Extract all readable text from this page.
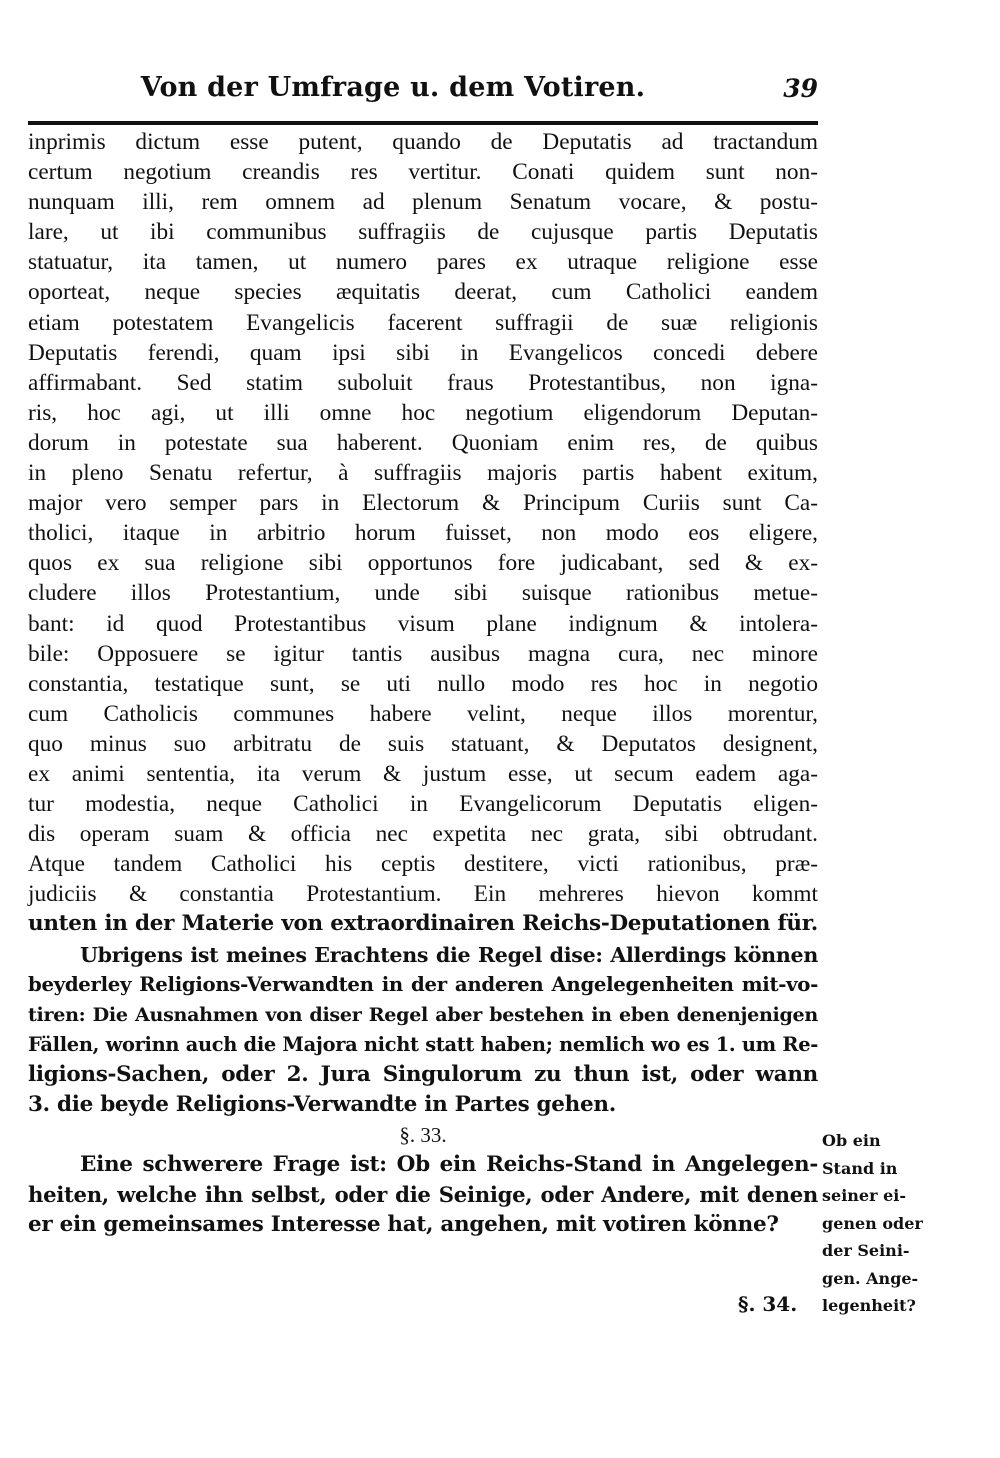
Von der Umfrage u. dem Votiren.	39
inprimis dictum esse putent, quando de Deputatis ad tractandum
certum negotium creandis res vertitur. Conati quidem sunt non-
nunquam illi, rem omnem ad plenum Senatum vocare, & postu-
lare, ut ibi communibus suffragiis de cujusque partis Deputatis
statuatur, ita tamen, ut numero pares ex utraque religione esse
oporteat, neque species æquitatis deerat, cum Catholici eandem
etiam potestatem Evangelicis facerent suffragii de suæ religionis
Deputatis ferendi, quam ipsi sibi in Evangelicos concedi debere
affirmabant. Sed statim suboluit fraus Protestantibus, non igna-
ris, hoc agi, ut illi omne hoc negotium eligendorum Deputan-
dorum in potestate sua haberent. Quoniam enim res, de quibus
in pleno Senatu refertur, à suffragiis majoris partis habent exitum,
major vero semper pars in Electorum & Principum Curiis sunt Ca-
tholici, itaque in arbitrio horum fuisset, non modo eos eligere,
quos ex sua religione sibi opportunos fore judicabant, sed & ex-
cludere illos Protestantium, unde sibi suisque rationibus metue-
bant: id quod Protestantibus visum plane indignum & intolera-
bile: Opposuere se igitur tantis ausibus magna cura, nec minore
constantia, testatique sunt, se uti nullo modo res hoc in negotio
cum Catholicis communes habere velint, neque illos morentur,
quo minus suo arbitratu de suis statuant, & Deputatos designent,
ex animi sententia, ita verum & justum esse, ut secum eadem aga-
tur modestia, neque Catholici in Evangelicorum Deputatis eligen-
dis operam suam & officia nec expetita nec grata, sibi obtrudant.
Atque tandem Catholici his ceptis destitere, victi rationibus, præ-
judiciis & constantia Protestantium. Ein mehreres hievon kommt
unten in der Materie von extraordinairen Reichs-Deputationen für.
Ubrigens ist meines Erachtens die Regel dise: Allerdings können
beyderley Religions-Verwandten in der anderen Angelegenheiten mit-vo-
tiren: Die Ausnahmen von diser Regel aber bestehen in eben denenjenigen
Fällen, worinn auch die Majora nicht statt haben; nemlich wo es 1. um Re-
ligions-Sachen, oder 2. Jura Singulorum zu thun ist, oder wann
3. die beyde Religions-Verwandte in Partes gehen.
§. 33.
Eine schwerere Frage ist: Ob ein Reichs-Stand in Angelegen-
heiten, welche ihn selbst, oder die Seinige, oder Andere, mit denen
er ein gemeinsames Interesse hat, angehen, mit votiren könne?
Ob ein
Stand in
seiner ei-
genen oder
der Seini-
gen. Ange-
legenheit?
§. 34.
